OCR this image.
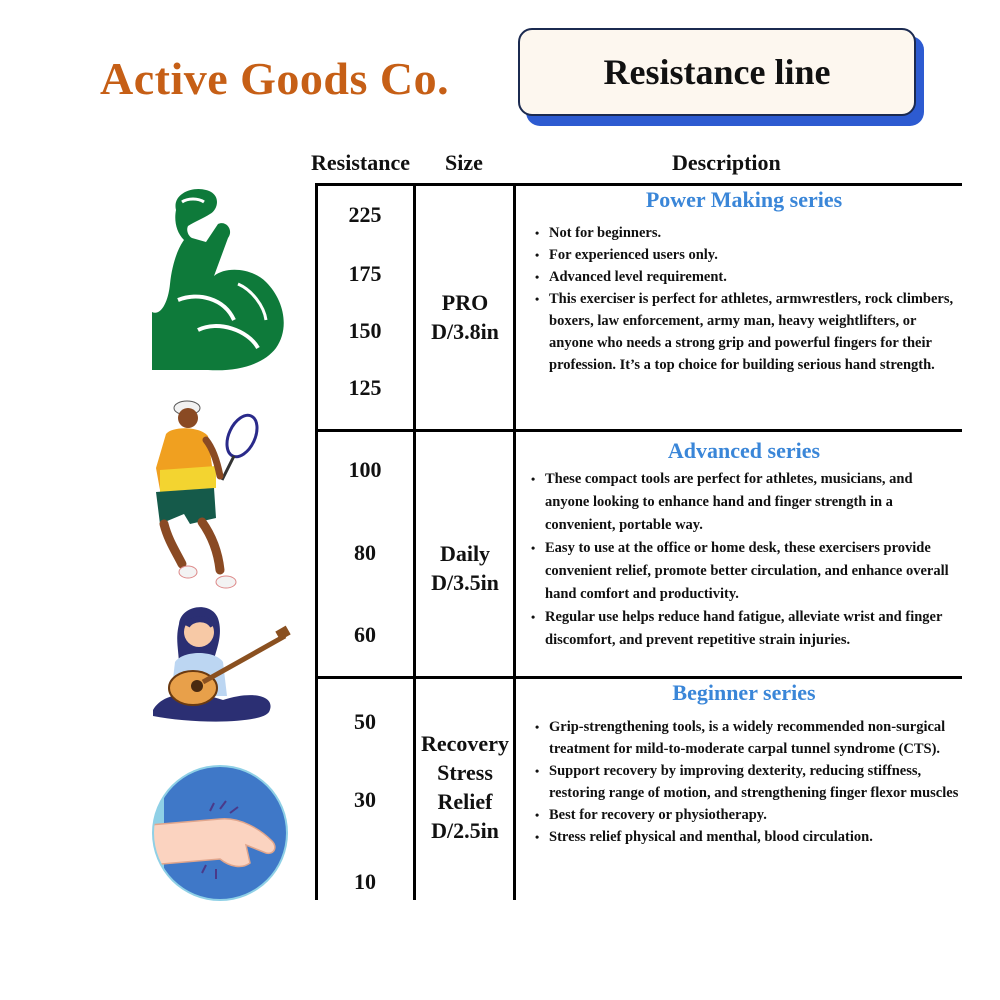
Active Goods Co.	Resistance line
Resistance Size	Description
225
175
150
125
PRO
D/3.8in
Power Making series
• Not for beginners.
• For experienced users only.
• Advanced level requirement.
• This exerciser is perfect for athletes, armwrestlers, rock climbers, boxers, law enforcement, army man, heavy weightlifters, or anyone who needs a strong grip and powerful fingers for their profession. It’s a top choice for building serious hand strength.
100
80
60
Daily
D/3.5in
Advanced series
• These compact tools are perfect for athletes, musicians, and anyone looking to enhance hand and finger strength in a convenient, portable way.
• Easy to use at the office or home desk, these exercisers provide convenient relief, promote better circulation, and enhance overall hand comfort and productivity.
• Regular use helps reduce hand fatigue, alleviate wrist and finger discomfort, and prevent repetitive strain injuries.
50
30
10
Recovery
Stress
Relief
D/2.5in
Beginner series
• Grip-strengthening tools, is a widely recommended non-surgical treatment for mild-to-moderate carpal tunnel syndrome (CTS).
• Support recovery by improving dexterity, reducing stiffness, restoring range of motion, and strengthening finger flexor muscles
• Best for recovery or physiotherapy.
• Stress relief physical and menthal, blood circulation.
